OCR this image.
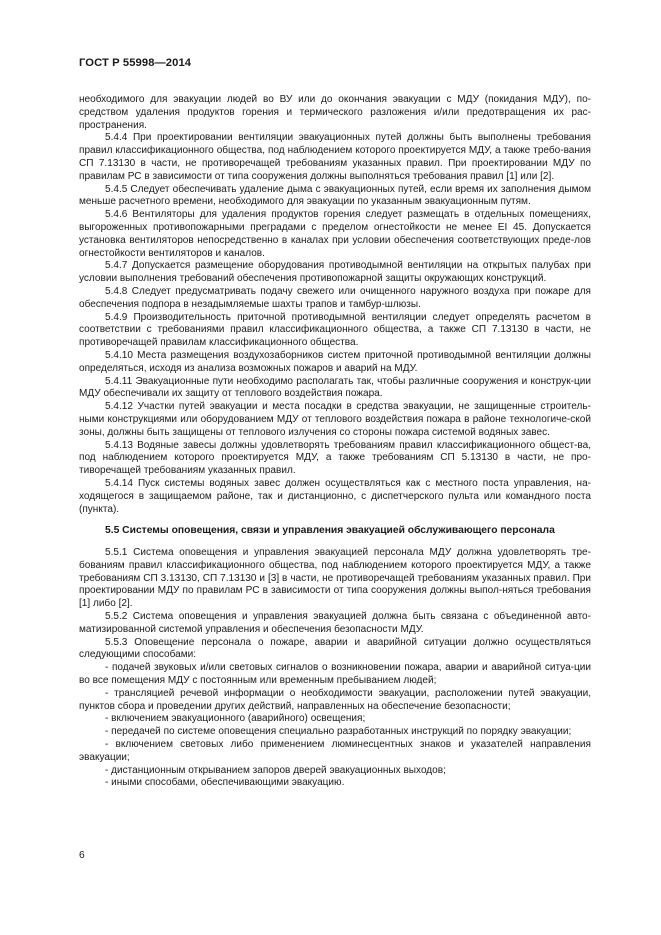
ГОСТ Р 55998—2014

необходимого для эвакуации людей во ВУ или до окончания эвакуации с МДУ (покидания МДУ), по-средством удаления продуктов горения и термического разложения и/или предотвращения их рас-пространения.

5.4.4 При проектировании вентиляции эвакуационных путей должны быть выполнены требования правил классификационного общества, под наблюдением которого проектируется МДУ, а также требо-вания СП 7.13130 в части, не противоречащей требованиям указанных правил. При проектировании МДУ по правилам РС в зависимости от типа сооружения должны выполняться требования правил [1] или [2].

5.4.5 Следует обеспечивать удаление дыма с эвакуационных путей, если время их заполнения дымом меньше расчетного времени, необходимого для эвакуации по указанным эвакуационным путям.

5.4.6 Вентиляторы для удаления продуктов горения следует размещать в отдельных помещениях, выгороженных противопожарными преградами с пределом огнестойкости не менее EI 45. Допускается установка вентиляторов непосредственно в каналах при условии обеспечения соответствующих преде-лов огнестойкости вентиляторов и каналов.

5.4.7 Допускается размещение оборудования противодымной вентиляции на открытых палубах при условии выполнения требований обеспечения противопожарной защиты окружающих конструкций.

5.4.8 Следует предусматривать подачу свежего или очищенного наружного воздуха при пожаре для обеспечения подпора в незадымляемые шахты трапов и тамбур-шлюзы.

5.4.9 Производительность приточной противодымной вентиляции следует определять расчетом в соответствии с требованиями правил классификационного общества, а также СП 7.13130 в части, не противоречащей правилам классификационного общества.

5.4.10 Места размещения воздухозаборников систем приточной противодымной вентиляции должны определяться, исходя из анализа возможных пожаров и аварий на МДУ.

5.4.11 Эвакуационные пути необходимо располагать так, чтобы различные сооружения и конструк-ции МДУ обеспечивали их защиту от теплового воздействия пожара.

5.4.12 Участки путей эвакуации и места посадки в средства эвакуации, не защищенные строитель-ными конструкциями или оборудованием МДУ от теплового воздействия пожара в районе технологиче-ской зоны, должны быть защищены от теплового излучения со стороны пожара системой водяных завес.

5.4.13 Водяные завесы должны удовлетворять требованиям правил классификационного общест-ва, под наблюдением которого проектируется МДУ, а также требованиям СП 5.13130 в части, не про-тиворечащей требованиям указанных правил.

5.4.14 Пуск системы водяных завес должен осуществляться как с местного поста управления, на-ходящегося в защищаемом районе, так и дистанционно, с диспетчерского пульта или командного поста (пункта).

5.5 Системы оповещения, связи и управления эвакуацией обслуживающего персонала

5.5.1 Система оповещения и управления эвакуацией персонала МДУ должна удовлетворять тре-бованиям правил классификационного общества, под наблюдением которого проектируется МДУ, а также требованиям СП 3.13130, СП 7.13130 и [3] в части, не противоречащей требованиям указанных правил. При проектировании МДУ по правилам РС в зависимости от типа сооружения должны выпол-няться требования [1] либо [2].

5.5.2 Система оповещения и управления эвакуацией должна быть связана с объединенной авто-матизированной системой управления и обеспечения безопасности МДУ.

5.5.3 Оповещение персонала о пожаре, аварии и аварийной ситуации должно осуществляться следующими способами:

- подачей звуковых и/или световых сигналов о возникновении пожара, аварии и аварийной ситуа-ции во все помещения МДУ с постоянным или временным пребыванием людей;

- трансляцией речевой информации о необходимости эвакуации, расположении путей эвакуации, пунктов сбора и проведении других действий, направленных на обеспечение безопасности;

- включением эвакуационного (аварийного) освещения;

- передачей по системе оповещения специально разработанных инструкций по порядку эвакуации;

- включением световых либо применением люминесцентных знаков и указателей направления эвакуации;

- дистанционным открыванием запоров дверей эвакуационных выходов;

- иными способами, обеспечивающими эвакуацию.

6
